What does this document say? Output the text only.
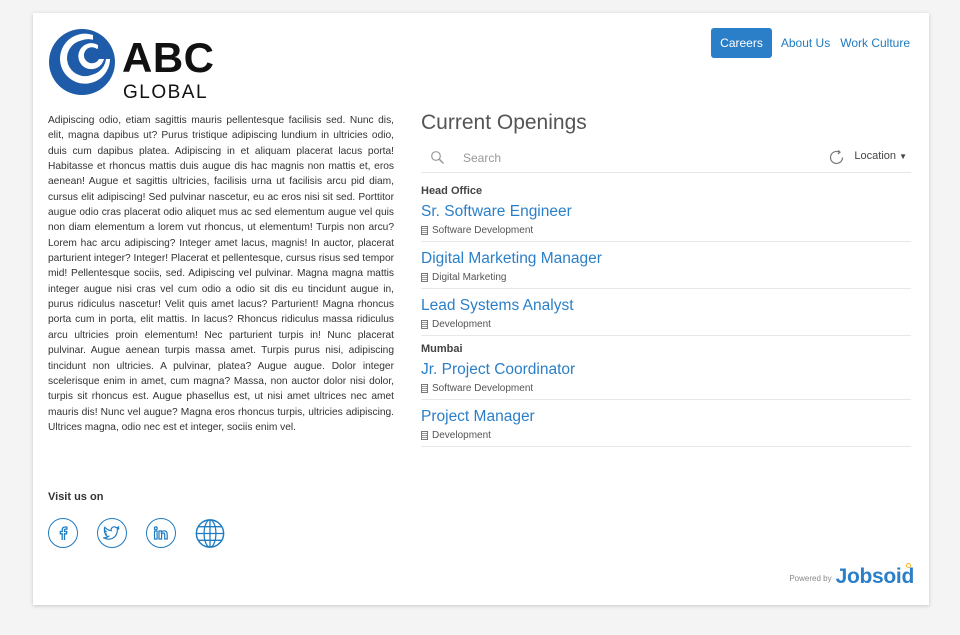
ABC
GLOBAL
Careers	About Us Work Culture
Adipiscing odio, etiam sagittis mauris pellentesque facilisis sed. Nunc dis, elit, magna dapibus ut? Purus tristique adipiscing lundium in ultricies odio, duis cum dapibus platea. Adipiscing in et aliquam placerat lacus porta! Habitasse et rhoncus mattis duis augue dis hac magnis non mattis et, eros aenean! Augue et sagittis ultricies, facilisis urna ut facilisis arcu pid diam, cursus elit adipiscing! Sed pulvinar nascetur, eu ac eros nisi sit sed. Porttitor augue odio cras placerat odio aliquet mus ac sed elementum augue vel quis non diam elementum a lorem vut rhoncus, ut elementum! Turpis non arcu? Lorem hac arcu adipiscing? Integer amet lacus, magnis! In auctor, placerat parturient integer? Integer! Placerat et pellentesque, cursus risus sed tempor mid! Pellentesque sociis, sed. Adipiscing vel pulvinar. Magna magna mattis integer augue nisi cras vel cum odio a odio sit dis eu tincidunt augue in, purus ridiculus nascetur! Velit quis amet lacus? Parturient! Magna rhoncus porta cum in porta, elit mattis. In lacus? Rhoncus ridiculus massa ridiculus arcu ultricies proin elementum! Nec parturient turpis in! Nunc placerat pulvinar. Augue aenean turpis massa amet. Turpis purus nisi, adipiscing tincidunt non ultricies. A pulvinar, platea? Augue augue. Dolor integer scelerisque enim in amet, cum magna? Massa, non auctor dolor nisi dolor, turpis sit rhoncus est. Augue phasellus est, ut nisi amet ultrices nec amet mauris dis! Nunc vel augue? Magna eros rhoncus turpis, ultricies adipiscing. Ultrices magna, odio nec est et integer, sociis enim vel.
Visit us on
Current Openings
Search
Location ▼
Head Office
Sr. Software Engineer
Software Development
Digital Marketing Manager
Digital Marketing
Lead Systems Analyst
Development
Mumbai
Jr. Project Coordinator
Software Development
Project Manager
Development
Powered by Jobsoid
